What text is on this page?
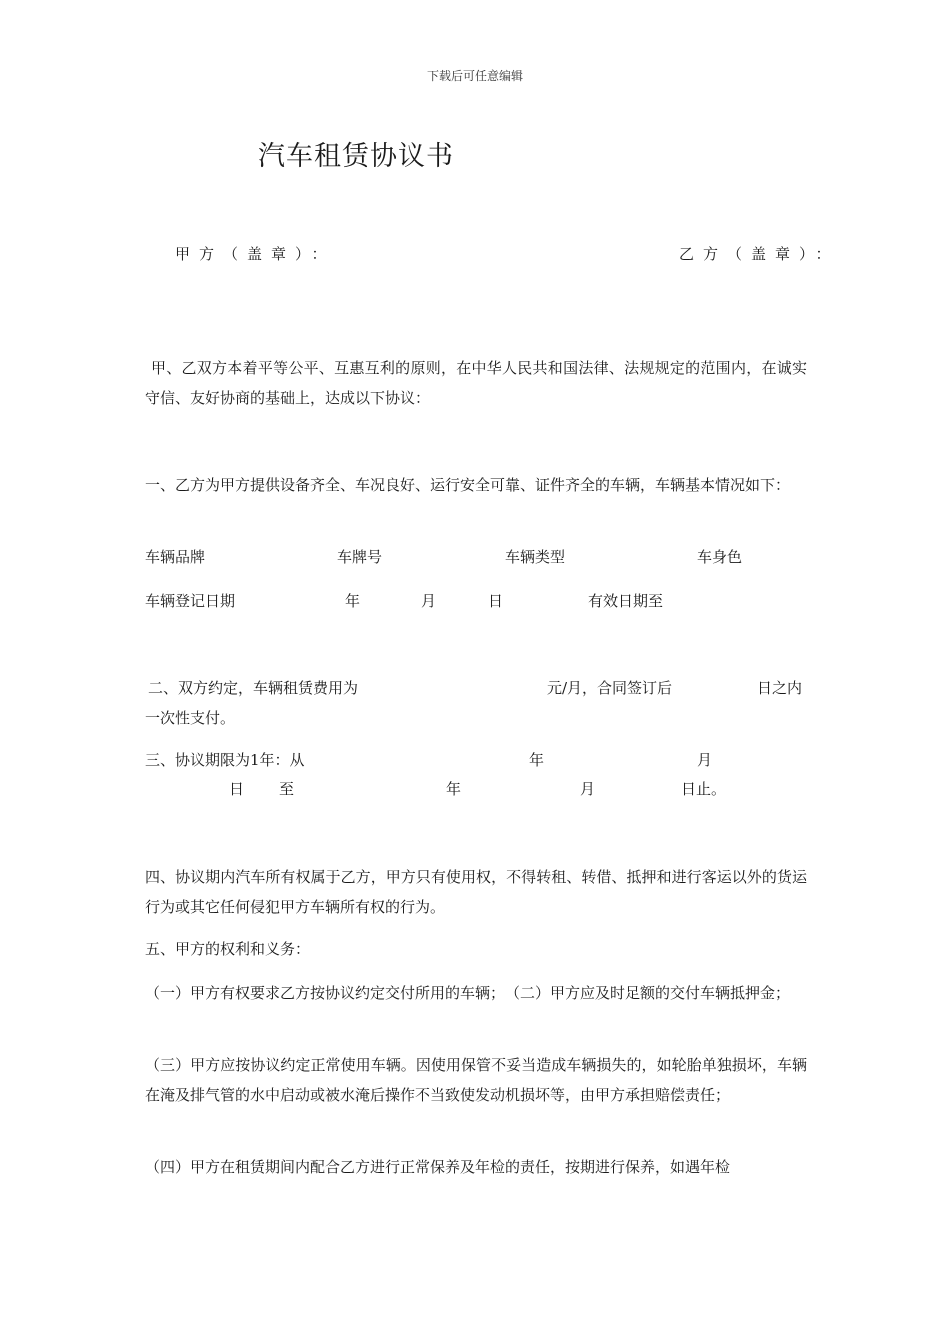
下载后可任意编辑
汽车租赁协议书
甲方（盖章）：	乙方（盖章）：
甲、乙双方本着平等公平、互惠互利的原则，在中华人民共和国法律、法规规定的范围内，在诚实守信、友好协商的基础上，达成以下协议：
一、乙方为甲方提供设备齐全、车况良好、运行安全可靠、证件齐全的车辆，车辆基本情况如下：
车辆品牌	车牌号	车辆类型	车身色
车辆登记日期	年	月	日	有效日期至
二、双方约定，车辆租赁费用为	元/月，合同签订后	日之内
一次性支付。
三、协议期限为1年：从	年	月
日 至	年	月	日止。
四、协议期内汽车所有权属于乙方，甲方只有使用权，不得转租、转借、抵押和进行客运以外的货运行为或其它任何侵犯甲方车辆所有权的行为。
五、甲方的权利和义务：
（一）甲方有权要求乙方按协议约定交付所用的车辆；　（二）甲方应及时足额的交付车辆抵押金；
（三）甲方应按协议约定正常使用车辆。因使用保管不妥当造成车辆损失的，如轮胎单独损坏，车辆在淹及排气管的水中启动或被水淹后操作不当致使发动机损坏等，由甲方承担赔偿责任；
（四）甲方在租赁期间内配合乙方进行正常保养及年检的责任，按期进行保养，如遇年检
